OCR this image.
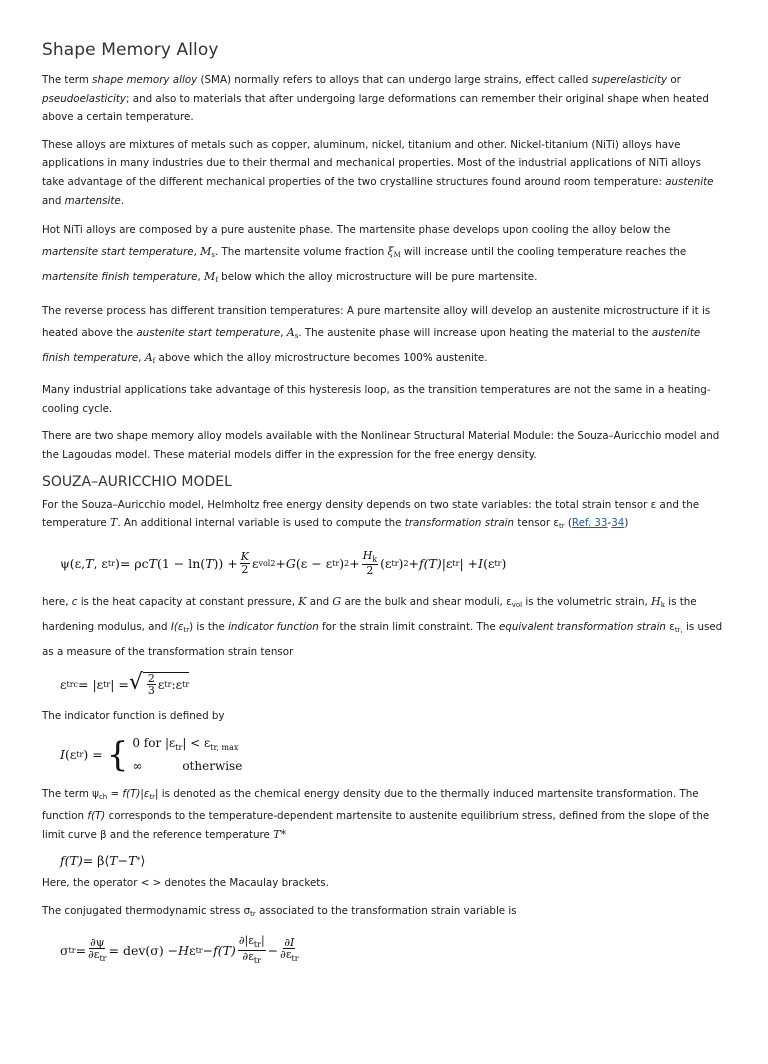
Shape Memory Alloy

The term shape memory alloy (SMA) normally refers to alloys that can undergo large strains, effect called superelasticity or pseudoelasticity; and also to materials that after undergoing large deformations can remember their original shape when heated above a certain temperature.

These alloys are mixtures of metals such as copper, aluminum, nickel, titanium and other. Nickel-titanium (NiTi) alloys have applications in many industries due to their thermal and mechanical properties. Most of the industrial applications of NiTi alloys take advantage of the different mechanical properties of the two crystalline structures found around room temperature: austenite and martensite.

Hot NiTi alloys are composed by a pure austenite phase. The martensite phase develops upon cooling the alloy below the martensite start temperature, $M_s$. The martensite volume fraction $\xi_M$ will increase until the cooling temperature reaches the martensite finish temperature, $M_f$ below which the alloy microstructure will be pure martensite.

The reverse process has different transition temperatures: A pure martensite alloy will develop an austenite microstructure if it is heated above the austenite start temperature, $A_s$. The austenite phase will increase upon heating the material to the austenite finish temperature, $A_f$ above which the alloy microstructure becomes 100% austenite.

Many industrial applications take advantage of this hysteresis loop, as the transition temperatures are not the same in a heating-cooling cycle.

There are two shape memory alloy models available with the Nonlinear Structural Material Module: the Souza–Auricchio model and the Lagoudas model. These material models differ in the expression for the free energy density.

SOUZA–AURICCHIO MODEL

For the Souza–Auricchio model, Helmholtz free energy density depends on two state variables: the total strain tensor ε and the temperature T. An additional internal variable is used to compute the transformation strain tensor $\varepsilon_{tr}$ (Ref. 33-34)

ψ(ε, T , ε tr ) = ρc T (1 − ln( T )) + $\frac{K}{2}$ ε vol 2 + G (ε − ε tr ) $2 + \frac{H_k}{2} (\varepsilon$ tr ) 2 + f(T) |ε tr | + I (ε tr )

here, c is the heat capacity at constant pressure, K and G are the bulk and shear moduli, $\varepsilon_{vol}$ is the volumetric strain, $H_k$ is the hardening modulus, and $I(\varepsilon_{tr})$ is the indicator function for the strain limit constraint. The equivalent transformation strain $\varepsilon_{tr,}$ is used as a measure of the transformation strain tensor

ε trc = |ε tr | = √ $\frac{2}{3}$ ε tr :ε tr

The indicator function is defined by

I (ε tr ) = { 0 for $|\varepsilon_{tr}| < \varepsilon_{tr, max}$
∞	otherwise

The term $\psi_{ch} = f(T)|\varepsilon_{tr}|$ is denoted as the chemical energy density due to the thermally induced martensite transformation. The function f(T) corresponds to the temperature-dependent martensite to austenite equilibrium stress, defined from the slope of the limit curve β and the reference temperature T*

f(T) = β⟨ T − T * ⟩

Here, the operator < > denotes the Macaulay brackets.

The conjugated thermodynamic stress $\sigma_{tr}$ associated to the transformation strain variable is

σ tr = $\frac{\partial\psi}{\partial\varepsilon_{tr}} = dev(\sigma) - H$ ε tr − $f(T) \frac{\partial|\varepsilon_{tr}|}{\partial\varepsilon_{tr}} - \frac{\partial I}{\partial\varepsilon_{tr}}$
